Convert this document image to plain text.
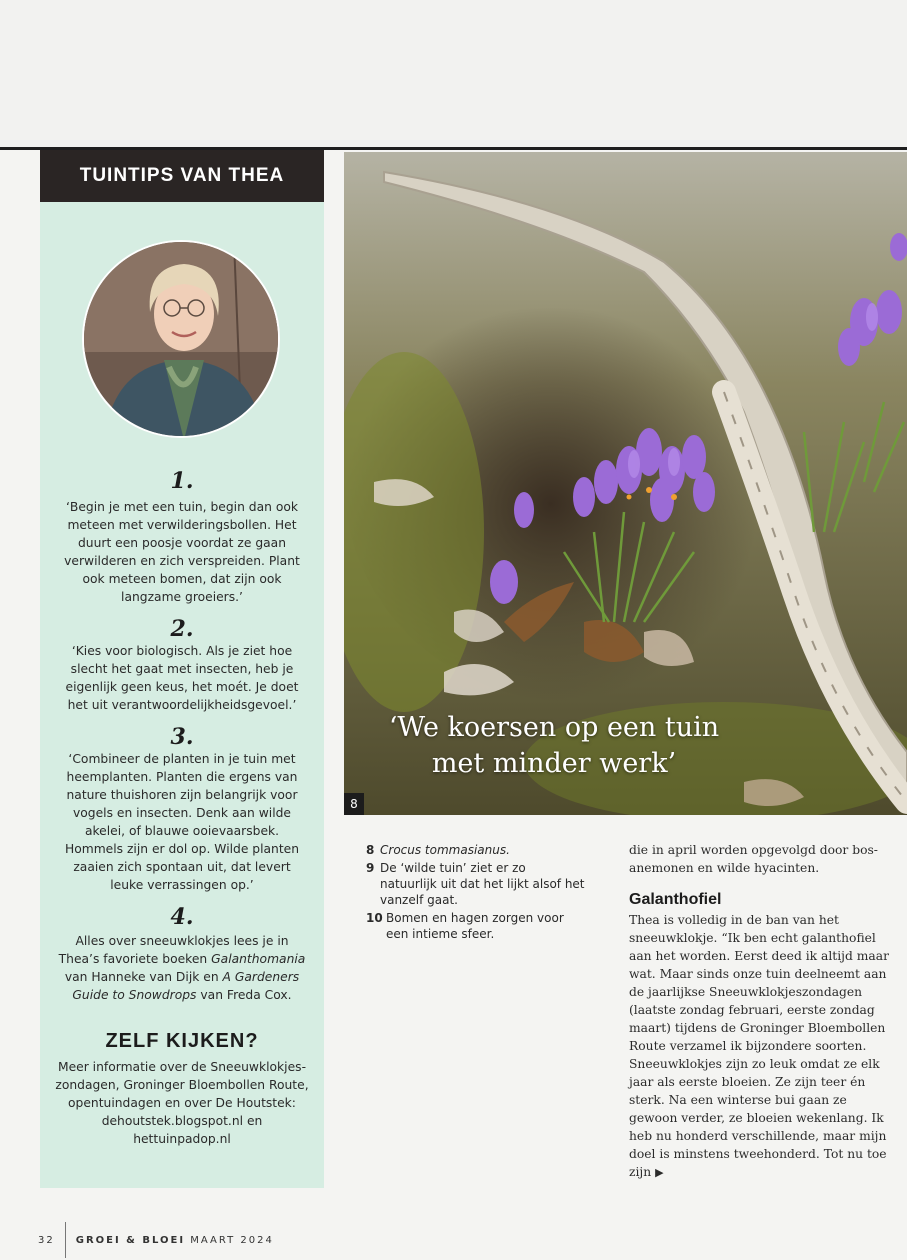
TUINTIPS VAN THEA
1.
‘Begin je met een tuin, begin dan ook meteen met verwilderingsbollen. Het duurt een poosje voordat ze gaan verwilderen en zich verspreiden. Plant ook meteen bomen, dat zijn ook langzame groeiers.’
2.
‘Kies voor biologisch. Als je ziet hoe slecht het gaat met insecten, heb je eigenlijk geen keus, het moét. Je doet het uit verantwoordelijkheidsgevoel.’
3.
‘Combineer de planten in je tuin met heemplanten. Planten die ergens van nature thuishoren zijn belangrijk voor vogels en insecten. Denk aan wilde akelei, of blauwe ooievaarsbek. Hommels zijn er dol op. Wilde planten zaaien zich spontaan uit, dat levert leuke verrassingen op.’
4.
Alles over sneeuwklokjes lees je in Thea’s favoriete boeken Galanthomania van Hanneke van Dijk en A Gardeners Guide to Snowdrops van Freda Cox.
ZELF KIJKEN?
Meer informatie over de Sneeuwklokjes-zondagen, Groninger Bloembollen Route, opentuindagen en over De Houtstek: dehoutstek.blogspot.nl en hettuinpadop.nl
‘We koersen op een tuin
met minder werk’
8
8 Crocus tommasianus.
9 De ‘wilde tuin’ ziet er zo natuurlijk uit dat het lijkt alsof het vanzelf gaat.
10 Bomen en hagen zorgen voor een intieme sfeer.

die in april worden opgevolgd door bos-anemonen en wilde hyacinten.

Galanthofiel

Thea is volledig in de ban van het sneeuwklokje. “Ik ben echt galanthofiel aan het worden. Eerst deed ik altijd maar wat. Maar sinds onze tuin deelneemt aan de jaarlijkse Sneeuwklokjeszondagen (laatste zondag februari, eerste zondag maart) tijdens de Groninger Bloembollen Route verzamel ik bijzondere soorten. Sneeuwklokjes zijn zo leuk omdat ze elk jaar als eerste bloeien. Ze zijn teer én sterk. Na een winterse bui gaan ze gewoon verder, ze bloeien wekenlang. Ik heb nu honderd verschillende, maar mijn doel is minstens tweehonderd. Tot nu toe zijn ▶

32 GROEI & BLOEI
MAART 2024
